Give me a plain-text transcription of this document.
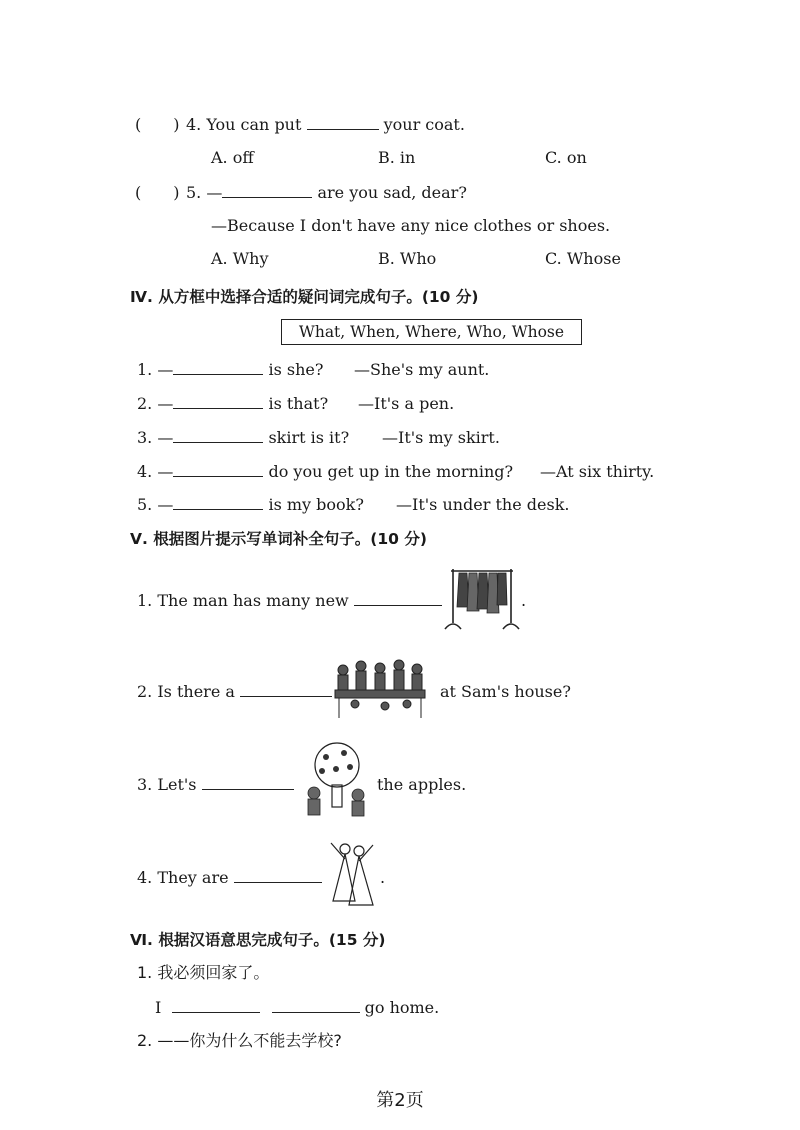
(　　) 4. You can put	your coat.
A. off	B. in	C. on
(　　) 5. —	are you sad, dear?
—Because I don't have any nice clothes or shoes.
A. Why	B. Who	C. Whose
Ⅳ. 从方框中选择合适的疑问词完成句子。(10 分)
What, When, Where, Who, Whose
1. —	is she? —She's my aunt.
2. —	is that? —It's a pen.
3. —	skirt is it? —It's my skirt.
4. —	do you get up in the morning? —At six thirty.
5. —	is my book? —It's under the desk.
Ⅴ. 根据图片提示写单词补全句子。(10 分)
1. The man has many new	.
2. Is there a	at Sam's house?
3. Let's	the apples.
4. They are	.
Ⅵ. 根据汉语意思完成句子。(15 分)
1. 我必须回家了。
I	go home.
2. ——你为什么不能去学校?
第2页
